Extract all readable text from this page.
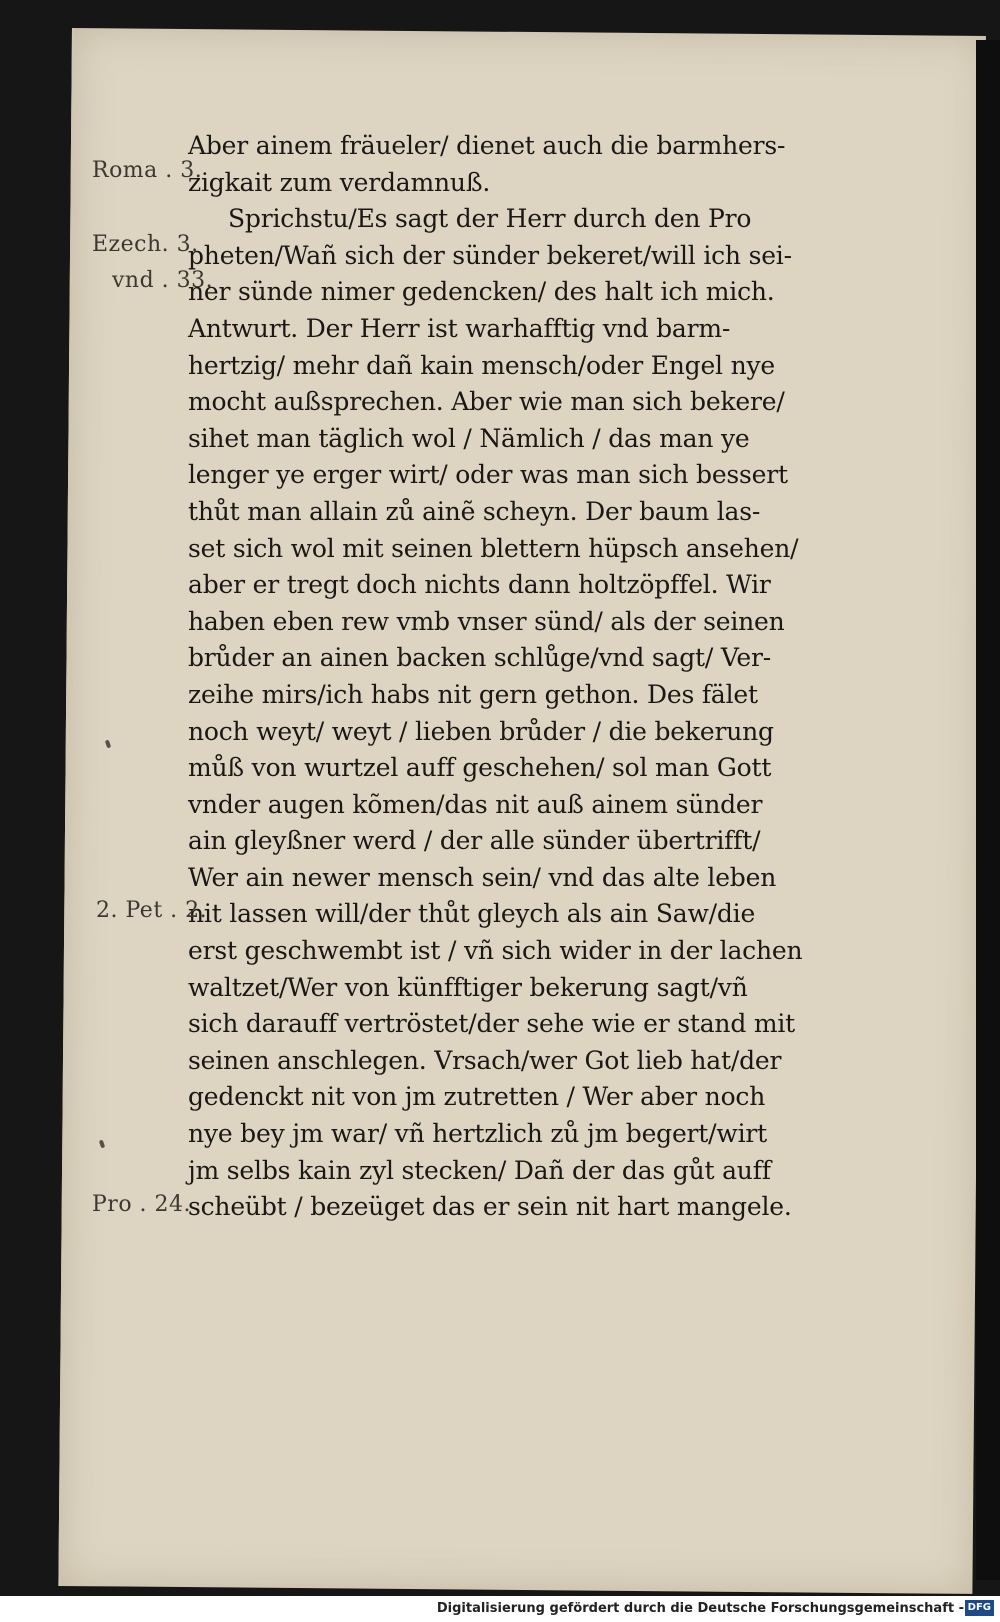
Aber ainem fräueler/ dienet auch die barmhers-
zigkait zum verdamnuß.
Sprichstu/Es sagt der Herr durch den Pro
pheten/Wañ sich der sünder bekeret/will ich sei-
ner sünde nimer gedencken/ des halt ich mich.
Antwurt. Der Herr ist warhafftig vnd barm-
hertzig/ mehr dañ kain mensch/oder Engel nye
mocht außsprechen. Aber wie man sich bekere/
sihet man täglich wol / Nämlich / das man ye
lenger ye erger wirt/ oder was man sich bessert
thůt man allain zů ainẽ scheyn. Der baum las-
set sich wol mit seinen blettern hüpsch ansehen/
aber er tregt doch nichts dann holtzöpffel. Wir
haben eben rew vmb vnser sünd/ als der seinen
brůder an ainen backen schlůge/vnd sagt/ Ver-
zeihe mirs/ich habs nit gern gethon. Des fälet
noch weyt/ weyt / lieben brůder / die bekerung
můß von wurtzel auff geschehen/ sol man Gott
vnder augen kõmen/das nit auß ainem sünder
ain gleyßner werd / der alle sünder übertrifft/
Wer ain newer mensch sein/ vnd das alte leben
nit lassen will/der thůt gleych als ain Saw/die
erst geschwembt ist / vñ sich wider in der lachen
waltzet/Wer von künfftiger bekerung sagt/vñ
sich darauff vertröstet/der sehe wie er stand mit
seinen anschlegen. Vrsach/wer Got lieb hat/der
gedenckt nit von jm zutretten / Wer aber noch
nye bey jm war/ vñ hertzlich zů jm begert/wirt
jm selbs kain zyl stecken/ Dañ der das gůt auff
scheübt / bezeüget das er sein nit hart mangele.
Roma . 3.
Ezech. 3.
vnd . 33.
2. Pet . 2.
Pro . 24.
Digitalisierung gefördert durch die Deutsche Forschungsgemeinschaft - DFG
